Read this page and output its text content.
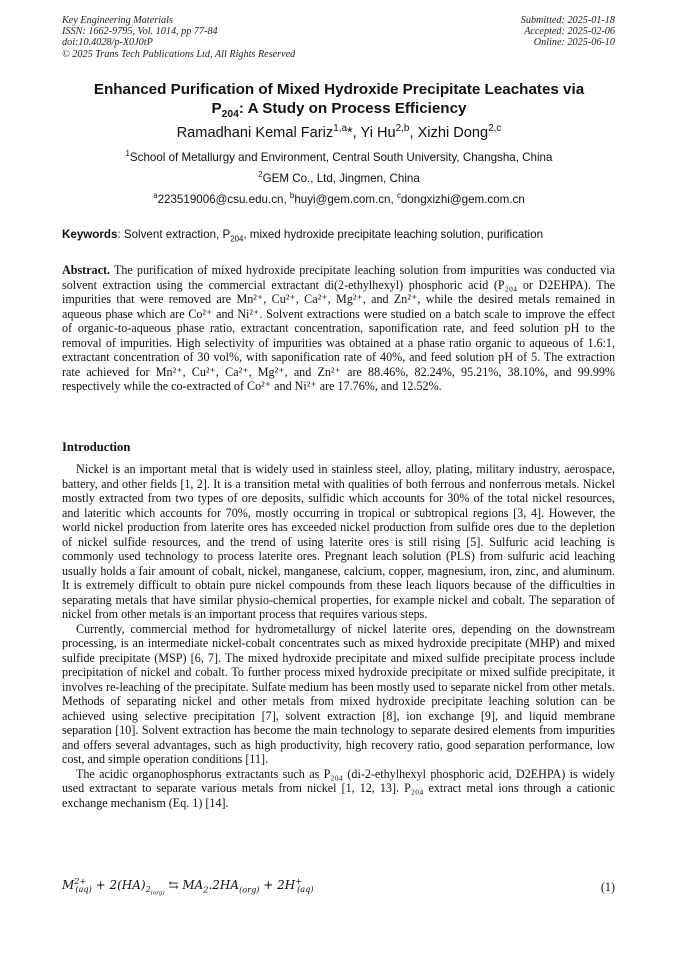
Key Engineering Materials
ISSN: 1662-9795, Vol. 1014, pp 77-84
doi:10.4028/p-X0J0tP
© 2025 Trans Tech Publications Ltd, All Rights Reserved
Submitted: 2025-01-18
Accepted: 2025-02-06
Online: 2025-06-10
Enhanced Purification of Mixed Hydroxide Precipitate Leachates via
$P_{204}$: A Study on Process Efficiency
Ramadhani Kemal Fariz$^{1,a}$*, Yi Hu$^{2,b}$, Xizhi Dong$^{2,c}$
$^1$School of Metallurgy and Environment, Central South University, Changsha, China
$^2$GEM Co., Ltd, Jingmen, China
$^a$223519006@csu.edu.cn, $^b$huyi@gem.com.cn, $^c$dongxizhi@gem.com.cn
Keywords: Solvent extraction, $P_{204}$, mixed hydroxide precipitate leaching solution, purification

Abstract. The purification of mixed hydroxide precipitate leaching solution from impurities was conducted via solvent extraction using the commercial extractant di(2-ethylhexyl) phosphoric acid (P₂₀₄ or D2EHPA). The impurities that were removed are Mn²⁺, Cu²⁺, Ca²⁺, Mg²⁺, and Zn²⁺, while the desired metals remained in aqueous phase which are Co²⁺ and Ni²⁺. Solvent extractions were studied on a batch scale to improve the effect of organic-to-aqueous phase ratio, extractant concentration, saponification rate, and feed solution pH to the removal of impurities. High selectivity of impurities was obtained at a phase ratio organic to aqueous of 1.6:1, extractant concentration of 30 vol%, with saponification rate of 40%, and feed solution pH of 5. The extraction rate achieved for Mn²⁺, Cu²⁺, Ca²⁺, Mg²⁺, and Zn²⁺ are 88.46%, 82.24%, 95.21%, 38.10%, and 99.99% respectively while the co-extracted of Co²⁺ and Ni²⁺ are 17.76%, and 12.52%.

Introduction

Nickel is an important metal that is widely used in stainless steel, alloy, plating, military industry, aerospace, battery, and other fields [1, 2]. It is a transition metal with qualities of both ferrous and nonferrous metals. Nickel mostly extracted from two types of ore deposits, sulfidic which accounts for 30% of the total nickel resources, and lateritic which accounts for 70%, mostly occurring in tropical or subtropical regions [3, 4]. However, the world nickel production from laterite ores has exceeded nickel production from sulfide ores due to the depletion of nickel sulfide resources, and the trend of using laterite ores is still rising [5]. Sulfuric acid leaching is commonly used technology to process laterite ores. Pregnant leach solution (PLS) from sulfuric acid leaching usually holds a fair amount of cobalt, nickel, manganese, calcium, copper, magnesium, iron, zinc, and aluminum. It is extremely difficult to obtain pure nickel compounds from these leach liquors because of the difficulties in separating metals that have similar physio-chemical properties, for example nickel and cobalt. The separation of nickel from other metals is an important process that requires various steps.

Currently, commercial method for hydrometallurgy of nickel laterite ores, depending on the downstream processing, is an intermediate nickel-cobalt concentrates such as mixed hydroxide precipitate (MHP) and mixed sulfide precipitate (MSP) [6, 7]. The mixed hydroxide precipitate and mixed sulfide precipitate process include precipitation of nickel and cobalt. To further process mixed hydroxide precipitate or mixed sulfide precipitate, it involves re-leaching of the precipitate. Sulfate medium has been mostly used to separate nickel from other metals. Methods of separating nickel and other metals from mixed hydroxide precipitate leaching solution can be achieved using selective precipitation [7], solvent extraction [8], ion exchange [9], and liquid membrane separation [10]. Solvent extraction has become the main technology to separate desired elements from impurities and offers several advantages, such as high productivity, high recovery ratio, good separation performance, low cost, and simple operation conditions [11].

The acidic organophosphorus extractants such as P₂₀₄ (di-2-ethylhexyl phosphoric acid, D2EHPA) is widely used extractant to separate various metals from nickel [1, 12, 13]. P₂₀₄ extract metal ions through a cationic exchange mechanism (Eq. 1) [14].

$M^{2+}_{(aq)} + 2(HA)_{2_{(org)}}$ ⇆ $MA_2.2HA_{(org)} + 2H^+_{(aq)}$	(1)
